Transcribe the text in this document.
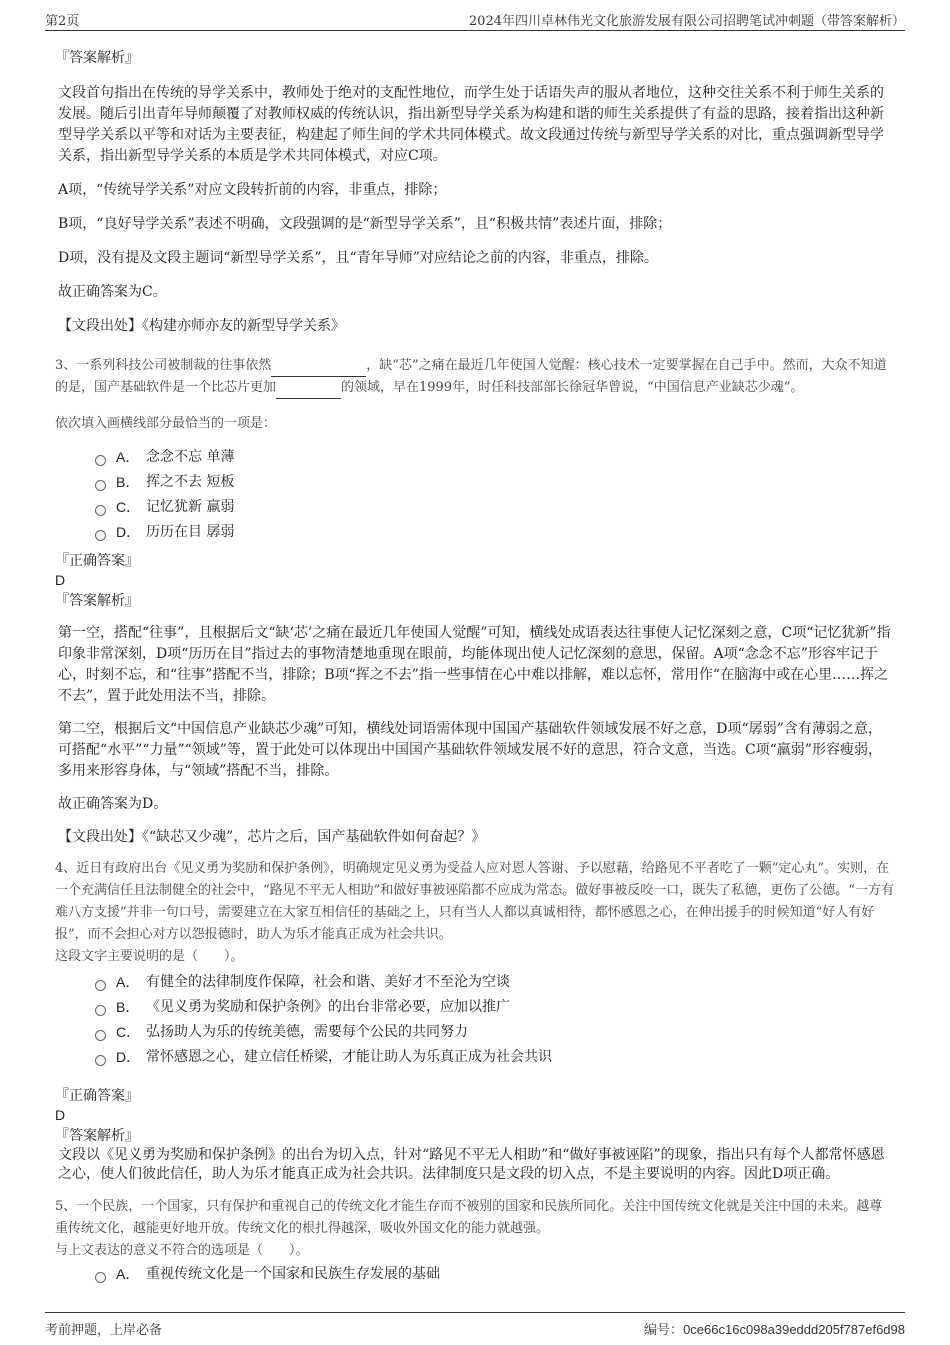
第2页	2024年四川卓林伟光文化旅游发展有限公司招聘笔试冲刺题（带答案解析）

『答案解析』

文段首句指出在传统的导学关系中，教师处于绝对的支配性地位，而学生处于话语失声的服从者地位，这种交往关系不利于师生关系的发展。随后引出青年导师颠覆了对教师权威的传统认识，指出新型导学关系为构建和谐的师生关系提供了有益的思路，接着指出这种新型导学关系以平等和对话为主要表征，构建起了师生间的学术共同体模式。故文段通过传统与新型导学关系的对比，重点强调新型导学关系，指出新型导学关系的本质是学术共同体模式，对应C项。

A项，“传统导学关系”对应文段转折前的内容，非重点，排除；

B项，“良好导学关系”表述不明确，文段强调的是“新型导学关系”，且“积极共情”表述片面，排除；

D项，没有提及文段主题词“新型导学关系”，且“青年导师”对应结论之前的内容，非重点，排除。

故正确答案为C。

【文段出处】《构建亦师亦友的新型导学关系》

3、一系列科技公司被制裁的往事依然	，缺“芯”之痛在最近几年使国人觉醒：核心技术一定要掌握在自己手中。然而，大众不知道的是，国产基础软件是一个比芯片更加	的领域，早在1999年，时任科技部部长徐冠华曾说，“中国信息产业缺芯少魂”。

依次填入画横线部分最恰当的一项是：

A． 念念不忘 单薄
B． 挥之不去 短板
C． 记忆犹新 羸弱
D． 历历在目 孱弱

『正确答案』

D

『答案解析』

第一空，搭配“往事”，且根据后文“缺‘芯’之痛在最近几年使国人觉醒”可知，横线处成语表达往事使人记忆深刻之意，C项“记忆犹新”指印象非常深刻，D项“历历在目”指过去的事物清楚地重现在眼前，均能体现出使人记忆深刻的意思，保留。A项“念念不忘”形容牢记于心，时刻不忘，和“往事”搭配不当，排除；B项“挥之不去”指一些事情在心中难以排解，难以忘怀，常用作“在脑海中或在心里……挥之不去”，置于此处用法不当，排除。

第二空，根据后文“中国信息产业缺芯少魂”可知，横线处词语需体现中国国产基础软件领域发展不好之意，D项“孱弱”含有薄弱之意，可搭配“水平”“力量”“领域”等，置于此处可以体现出中国国产基础软件领域发展不好的意思，符合文意，当选。C项“羸弱”形容瘦弱，多用来形容身体，与“领域”搭配不当，排除。

故正确答案为D。

【文段出处】《“缺芯又少魂”，芯片之后，国产基础软件如何奋起？》

4、近日有政府出台《见义勇为奖励和保护条例》，明确规定见义勇为受益人应对恩人答谢、予以慰藉，给路见不平者吃了一颗“定心丸”。实则，在一个充满信任且法制健全的社会中，“路见不平无人相助”和做好事被诬陷都不应成为常态。做好事被反咬一口，既失了私德，更伤了公德。“一方有难八方支援”并非一句口号，需要建立在大家互相信任的基础之上，只有当人人都以真诚相待，都怀感恩之心，在伸出援手的时候知道“好人有好报”，而不会担心对方以怨报德时，助人为乐才能真正成为社会共识。

这段文字主要说明的是（　　）。

A． 有健全的法律制度作保障，社会和谐、美好才不至沦为空谈
B． 《见义勇为奖励和保护条例》的出台非常必要，应加以推广
C． 弘扬助人为乐的传统美德，需要每个公民的共同努力
D． 常怀感恩之心，建立信任桥梁，才能让助人为乐真正成为社会共识

『正确答案』

D

『答案解析』

文段以《见义勇为奖励和保护条例》的出台为切入点，针对“路见不平无人相助”和“做好事被诬陷”的现象，指出只有每个人都常怀感恩之心，使人们彼此信任，助人为乐才能真正成为社会共识。法律制度只是文段的切入点，不是主要说明的内容。因此D项正确。

5、一个民族，一个国家，只有保护和重视自己的传统文化才能生存而不被别的国家和民族所同化。关注中国传统文化就是关注中国的未来。越尊重传统文化，越能更好地开放。传统文化的根扎得越深，吸收外国文化的能力就越强。

与上文表达的意义不符合的选项是（　　）。

A． 重视传统文化是一个国家和民族生存发展的基础
考前押题，上岸必备	编号：0ce66c16c098a39eddd205f787ef6d98
